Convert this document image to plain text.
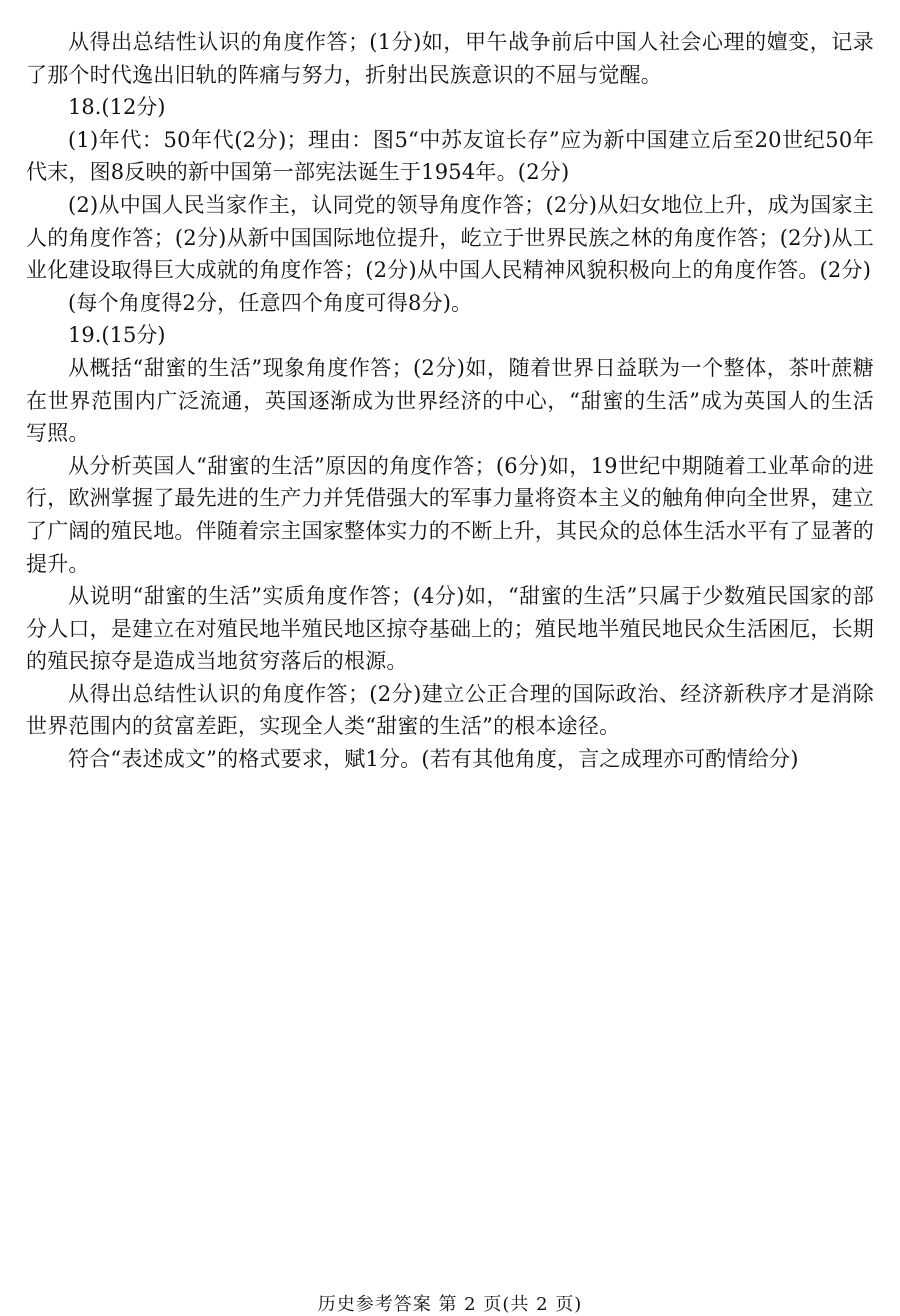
从得出总结性认识的角度作答；(1分)如，甲午战争前后中国人社会心理的嬗变，记录了那个时代逸出旧轨的阵痛与努力，折射出民族意识的不屈与觉醒。

18.(12分)

(1)年代：50年代(2分)；理由：图5“中苏友谊长存”应为新中国建立后至20世纪50年代末，图8反映的新中国第一部宪法诞生于1954年。(2分)

(2)从中国人民当家作主，认同党的领导角度作答；(2分)从妇女地位上升，成为国家主人的角度作答；(2分)从新中国国际地位提升，屹立于世界民族之林的角度作答；(2分)从工业化建设取得巨大成就的角度作答；(2分)从中国人民精神风貌积极向上的角度作答。(2分)

(每个角度得2分，任意四个角度可得8分)。

19.(15分)

从概括“甜蜜的生活”现象角度作答；(2分)如，随着世界日益联为一个整体，茶叶蔗糖在世界范围内广泛流通，英国逐渐成为世界经济的中心，“甜蜜的生活”成为英国人的生活写照。

从分析英国人“甜蜜的生活”原因的角度作答；(6分)如，19世纪中期随着工业革命的进行，欧洲掌握了最先进的生产力并凭借强大的军事力量将资本主义的触角伸向全世界，建立了广阔的殖民地。伴随着宗主国家整体实力的不断上升，其民众的总体生活水平有了显著的提升。

从说明“甜蜜的生活”实质角度作答；(4分)如，“甜蜜的生活”只属于少数殖民国家的部分人口，是建立在对殖民地半殖民地区掠夺基础上的；殖民地半殖民地民众生活困厄，长期的殖民掠夺是造成当地贫穷落后的根源。

从得出总结性认识的角度作答；(2分)建立公正合理的国际政治、经济新秩序才是消除世界范围内的贫富差距，实现全人类“甜蜜的生活”的根本途径。

符合“表述成文”的格式要求，赋1分。(若有其他角度，言之成理亦可酌情给分)

历史参考答案 第 2 页(共 2 页)
